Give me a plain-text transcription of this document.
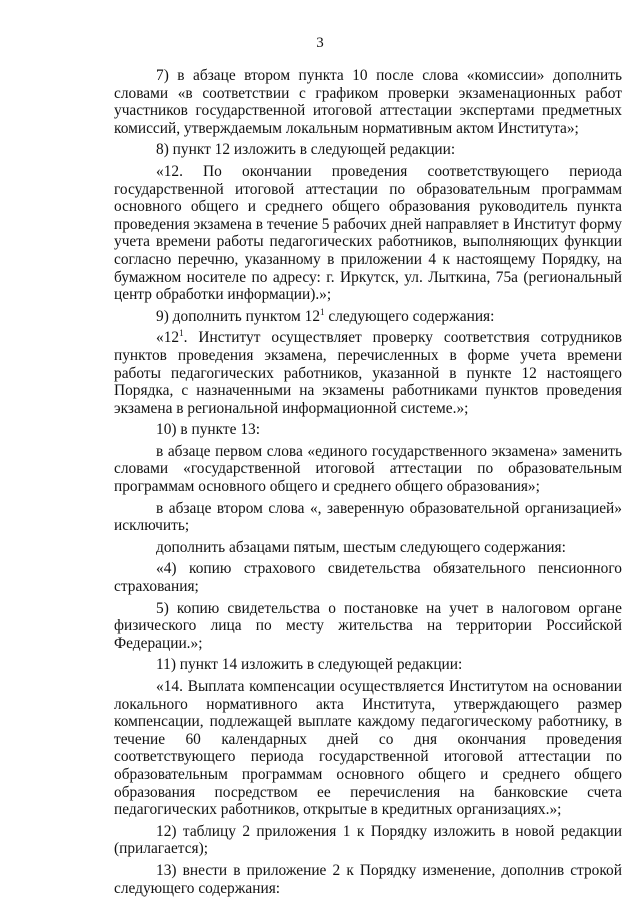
3

7) в абзаце втором пункта 10 после слова «комиссии» дополнить словами «в соответствии с графиком проверки экзаменационных работ участников государственной итоговой аттестации экспертами предметных комиссий, утверждаемым локальным нормативным актом Института»;

8) пункт 12 изложить в следующей редакции:

«12. По окончании проведения соответствующего периода государственной итоговой аттестации по образовательным программам основного общего и среднего общего образования руководитель пункта проведения экзамена в течение 5 рабочих дней направляет в Институт форму учета времени работы педагогических работников, выполняющих функции согласно перечню, указанному в приложении 4 к настоящему Порядку, на бумажном носителе по адресу: г. Иркутск, ул. Лыткина, 75а (региональный центр обработки информации).»;

9) дополнить пунктом $12^1$ следующего содержания:

«$12^1$. Институт осуществляет проверку соответствия сотрудников пунктов проведения экзамена, перечисленных в форме учета времени работы педагогических работников, указанной в пункте 12 настоящего Порядка, с назначенными на экзамены работниками пунктов проведения экзамена в региональной информационной системе.»;

10) в пункте 13:

в абзаце первом слова «единого государственного экзамена» заменить словами «государственной итоговой аттестации по образовательным программам основного общего и среднего общего образования»;

в абзаце втором слова «, заверенную образовательной организацией» исключить;

дополнить абзацами пятым, шестым следующего содержания:

«4) копию страхового свидетельства обязательного пенсионного страхования;

5) копию свидетельства о постановке на учет в налоговом органе физического лица по месту жительства на территории Российской Федерации.»;

11) пункт 14 изложить в следующей редакции:

«14. Выплата компенсации осуществляется Институтом на основании локального нормативного акта Института, утверждающего размер компенсации, подлежащей выплате каждому педагогическому работнику, в течение 60 календарных дней со дня окончания проведения соответствующего периода государственной итоговой аттестации по образовательным программам основного общего и среднего общего образования посредством ее перечисления на банковские счета педагогических работников, открытые в кредитных организациях.»;

12) таблицу 2 приложения 1 к Порядку изложить в новой редакции (прилагается);

13) внести в приложение 2 к Порядку изменение, дополнив строкой следующего содержания:
